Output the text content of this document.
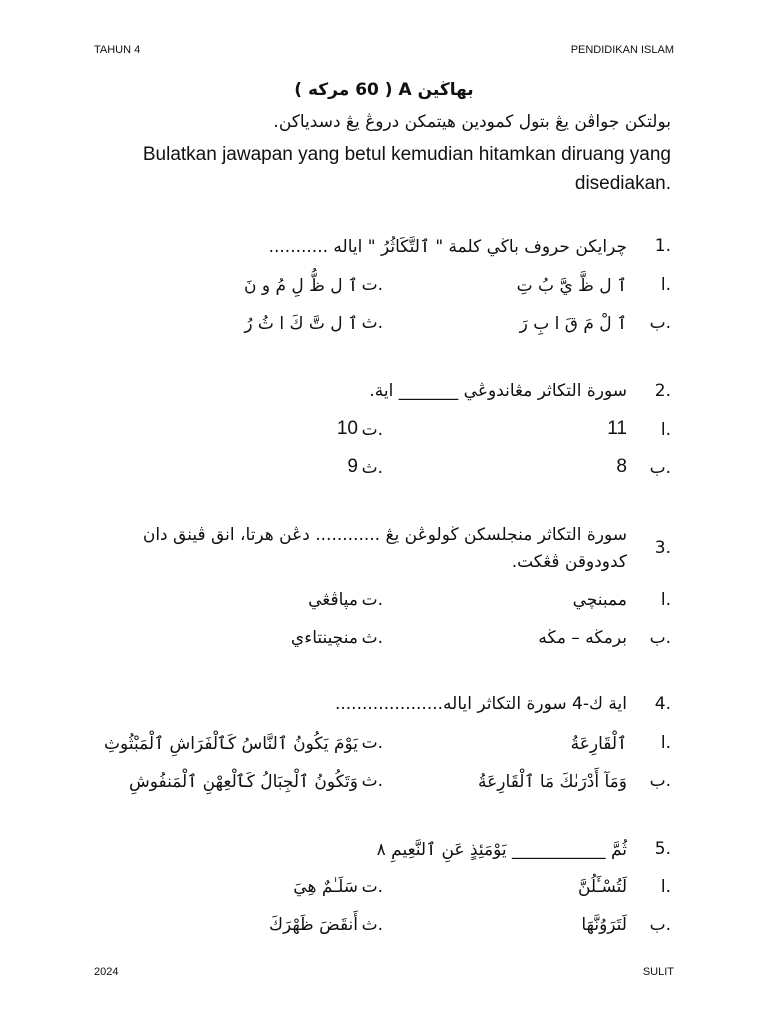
TAHUN 4	PENDIDIKAN ISLAM
بهاڬين A ( 60 مركه )
بولتكن جواڤن يڠ بتول كمودين هيتمكن دروڠ يڠ دسدياكن.
Bulatkan jawapan yang betul kemudian hitamkan diruang yang disediakan.
1.
چرايكن حروف باڬي كلمة " ٱلتَّكَاثُرُ " اياله ...........
ا.
ٱ ل ظَّ يَّ بُ تِ
ت.
ٱ ل ظُّ لِ مُ و نَ
ب.
ٱ لْ مَ قَ ا بِ رَ
ث.
ٱ ل تَّ كَ ا ثُ رُ
2.
سورة التكاثر مڠاندوڠي _______ اية.
ا.
11
ت.
10
ب.
8
ث.
9
3.
سورة التكاثر منجلسكن ڬولوڠن يڠ ............ دڠن هرتا، انق ڤينق دان كدودوقن ڤڠكت.
ا.
ممبنچي
ت.
مپاڤڠي
ب.
برمڬه – مڬه
ث.
منچينتاءي
4.
اية ك-4 سورة التكاثر اياله....................
ا.
ٱلْقَارِعَةُ
ت.
يَوْمَ يَكُونُ ٱلنَّاسُ كَٱلْفَرَاشِ ٱلْمَبْثُوثِ
ب.
وَمَآ أَدْرَىٰكَ مَا ٱلْقَارِعَةُ
ث.
وَتَكُونُ ٱلْجِبَالُ كَٱلْعِهْنِ ٱلْمَنفُوشِ
5.
ثُمَّ ___________ يَوْمَئِذٍ عَنِ ٱلنَّعِيمِ ٨
ا.
لَتُسْـَٔلُنَّ
ت.
سَلَـٰمٌ هِيَ
ب.
لَتَرَوُنَّهَا
ث.
أَنقَضَ ظَهْرَكَ
2024	SULIT
